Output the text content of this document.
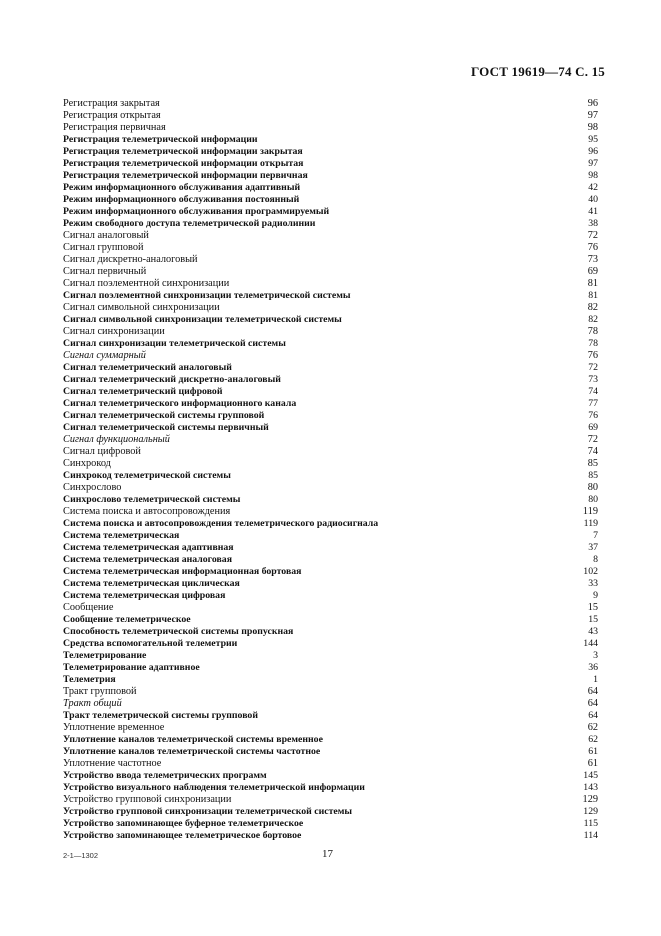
ГОСТ 19619—74 С. 15
Регистрация закрытая	96
Регистрация открытая	97
Регистрация первичная	98
Регистрация телеметрической информации	95
Регистрация телеметрической информации закрытая	96
Регистрация телеметрической информации открытая	97
Регистрация телеметрической информации первичная	98
Режим информационного обслуживания адаптивный	42
Режим информационного обслуживания постоянный	40
Режим информационного обслуживания программируемый	41
Режим свободного доступа телеметрической радиолинии	38
Сигнал аналоговый	72
Сигнал групповой	76
Сигнал дискретно-аналоговый	73
Сигнал первичный	69
Сигнал поэлементной синхронизации	81
Сигнал поэлементной синхронизации телеметрической системы	81
Сигнал символьной синхронизации	82
Сигнал символьной синхронизации телеметрической системы	82
Сигнал синхронизации	78
Сигнал синхронизации телеметрической системы	78
Сигнал суммарный	76
Сигнал телеметрический аналоговый	72
Сигнал телеметрический дискретно-аналоговый	73
Сигнал телеметрический цифровой	74
Сигнал телеметрического информационного канала	77
Сигнал телеметрической системы групповой	76
Сигнал телеметрической системы первичный	69
Сигнал функциональный	72
Сигнал цифровой	74
Синхрокод	85
Синхрокод телеметрической системы	85
Синхрослово	80
Синхрослово телеметрической системы	80
Система поиска и автосопровождения	119
Система поиска и автосопровождения телеметрического радиосигнала	119
Система телеметрическая	7
Система телеметрическая адаптивная	37
Система телеметрическая аналоговая	8
Система телеметрическая информационная бортовая	102
Система телеметрическая циклическая	33
Система телеметрическая цифровая	9
Сообщение	15
Сообщение телеметрическое	15
Способность телеметрической системы пропускная	43
Средства вспомогательной телеметрии	144
Телеметрирование	3
Телеметрирование адаптивное	36
Телеметрия	1
Тракт групповой	64
Тракт общий	64
Тракт телеметрической системы групповой	64
Уплотнение временное	62
Уплотнение каналов телеметрической системы временное	62
Уплотнение каналов телеметрической системы частотное	61
Уплотнение частотное	61
Устройство ввода телеметрических программ	145
Устройство визуального наблюдения телеметрической информации	143
Устройство групповой синхронизации	129
Устройство групповой синхронизации телеметрической системы	129
Устройство запоминающее буферное телеметрическое	115
Устройство запоминающее телеметрическое бортовое	114
2-1—1302	17
